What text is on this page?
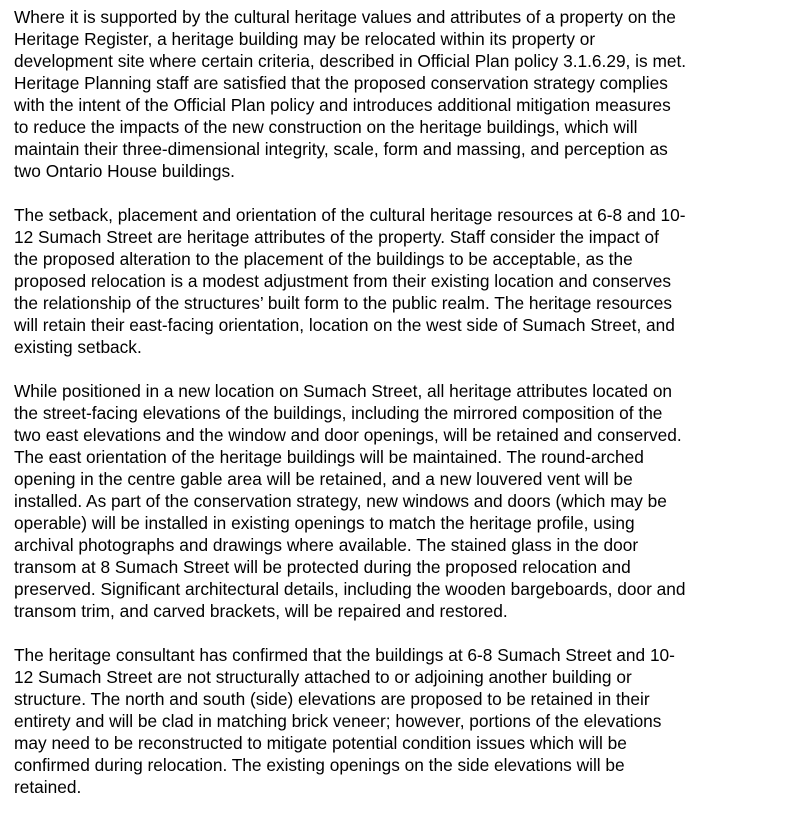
Where it is supported by the cultural heritage values and attributes of a property on the
Heritage Register, a heritage building may be relocated within its property or
development site where certain criteria, described in Official Plan policy 3.1.6.29, is met.
Heritage Planning staff are satisfied that the proposed conservation strategy complies
with the intent of the Official Plan policy and introduces additional mitigation measures
to reduce the impacts of the new construction on the heritage buildings, which will
maintain their three-dimensional integrity, scale, form and massing, and perception as
two Ontario House buildings.
The setback, placement and orientation of the cultural heritage resources at 6-8 and 10-
12 Sumach Street are heritage attributes of the property. Staff consider the impact of
the proposed alteration to the placement of the buildings to be acceptable, as the
proposed relocation is a modest adjustment from their existing location and conserves
the relationship of the structures’ built form to the public realm. The heritage resources
will retain their east-facing orientation, location on the west side of Sumach Street, and
existing setback.
While positioned in a new location on Sumach Street, all heritage attributes located on
the street-facing elevations of the buildings, including the mirrored composition of the
two east elevations and the window and door openings, will be retained and conserved.
The east orientation of the heritage buildings will be maintained. The round-arched
opening in the centre gable area will be retained, and a new louvered vent will be
installed. As part of the conservation strategy, new windows and doors (which may be
operable) will be installed in existing openings to match the heritage profile, using
archival photographs and drawings where available. The stained glass in the door
transom at 8 Sumach Street will be protected during the proposed relocation and
preserved. Significant architectural details, including the wooden bargeboards, door and
transom trim, and carved brackets, will be repaired and restored.
The heritage consultant has confirmed that the buildings at 6-8 Sumach Street and 10-
12 Sumach Street are not structurally attached to or adjoining another building or
structure. The north and south (side) elevations are proposed to be retained in their
entirety and will be clad in matching brick veneer; however, portions of the elevations
may need to be reconstructed to mitigate potential condition issues which will be
confirmed during relocation. The existing openings on the side elevations will be
retained.
